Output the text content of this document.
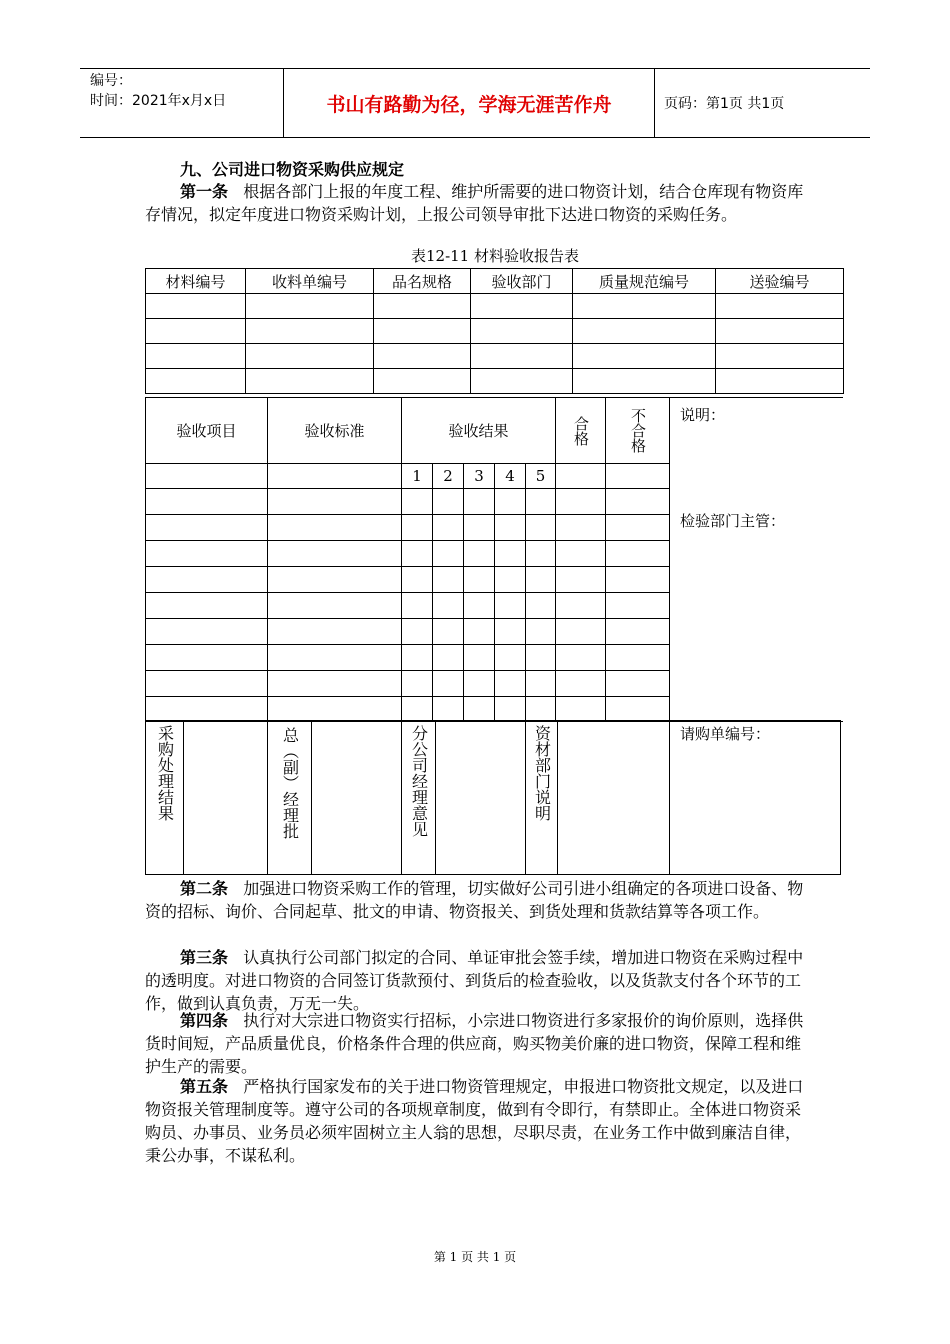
编号：
时间：2021年x月x日	书山有路勤为径，学海无涯苦作舟	页码：第1页 共1页
九、公司进口物资采购供应规定
第一条 根据各部门上报的年度工程、维护所需要的进口物资计划，结合仓库现有物资库存情况，拟定年度进口物资采购计划，上报公司领导审批下达进口物资的采购任务。
表12-11 材料验收报告表
材料编号	收料单编号	品名规格	验收部门	质量规范编号	送验编号

验收项目	验收标准	验收结果					合格	不合格	说明：
检验部门主管：

		1	2	3	4	5			

采购处理结果		总（副）经理批		分公司经理意见		资材部门说明		请购单编号：
第二条 加强进口物资采购工作的管理，切实做好公司引进小组确定的各项进口设备、物资的招标、询价、合同起草、批文的申请、物资报关、到货处理和货款结算等各项工作。
第三条 认真执行公司部门拟定的合同、单证审批会签手续，增加进口物资在采购过程中的透明度。对进口物资的合同签订货款预付、到货后的检查验收，以及货款支付各个环节的工作，做到认真负责，万无一失。
第四条 执行对大宗进口物资实行招标，小宗进口物资进行多家报价的询价原则，选择供货时间短，产品质量优良，价格条件合理的供应商，购买物美价廉的进口物资，保障工程和维护生产的需要。
第五条 严格执行国家发布的关于进口物资管理规定，申报进口物资批文规定，以及进口物资报关管理制度等。遵守公司的各项规章制度，做到有令即行，有禁即止。全体进口物资采购员、办事员、业务员必须牢固树立主人翁的思想，尽职尽责，在业务工作中做到廉洁自律，秉公办事，不谋私利。
第 1 页 共 1 页
